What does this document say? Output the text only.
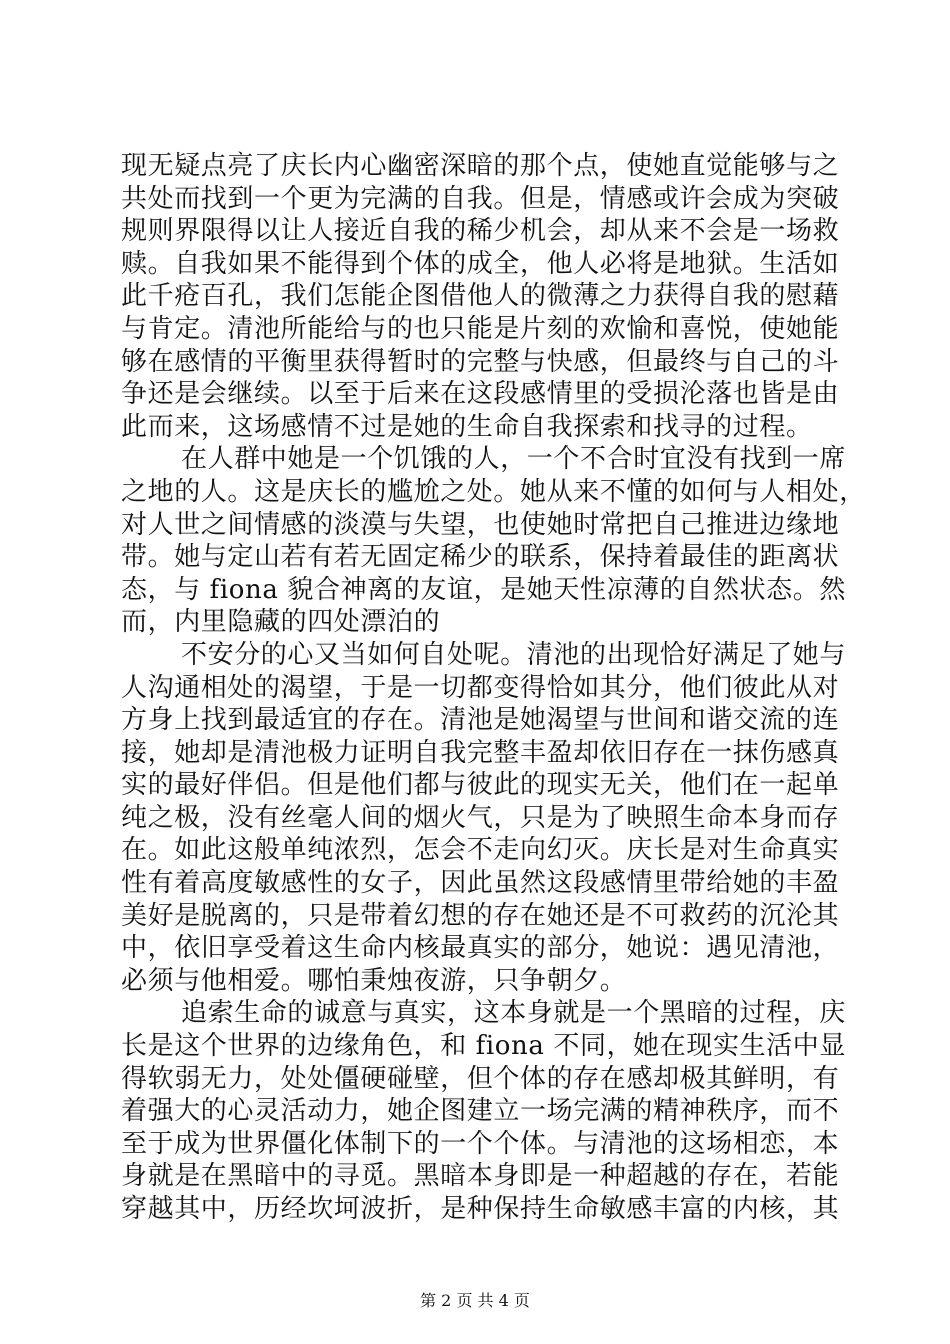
现无疑点亮了庆长内心幽密深暗的那个点，使她直觉能够与之
共处而找到一个更为完满的自我。但是，情感或许会成为突破
规则界限得以让人接近自我的稀少机会，却从来不会是一场救
赎。自我如果不能得到个体的成全，他人必将是地狱。生活如
此千疮百孔，我们怎能企图借他人的微薄之力获得自我的慰藉
与肯定。清池所能给与的也只能是片刻的欢愉和喜悦，使她能
够在感情的平衡里获得暂时的完整与快感，但最终与自己的斗
争还是会继续。以至于后来在这段感情里的受损沦落也皆是由
此而来，这场感情不过是她的生命自我探索和找寻的过程。
在人群中她是一个饥饿的人，一个不合时宜没有找到一席
之地的人。这是庆长的尴尬之处。她从来不懂的如何与人相处，
对人世之间情感的淡漠与失望，也使她时常把自己推进边缘地
带。她与定山若有若无固定稀少的联系，保持着最佳的距离状
态，与 fiona 貌合神离的友谊，是她天性凉薄的自然状态。然
而，内里隐藏的四处漂泊的
不安分的心又当如何自处呢。清池的出现恰好满足了她与
人沟通相处的渴望，于是一切都变得恰如其分，他们彼此从对
方身上找到最适宜的存在。清池是她渴望与世间和谐交流的连
接，她却是清池极力证明自我完整丰盈却依旧存在一抹伤感真
实的最好伴侣。但是他们都与彼此的现实无关，他们在一起单
纯之极，没有丝毫人间的烟火气，只是为了映照生命本身而存
在。如此这般单纯浓烈，怎会不走向幻灭。庆长是对生命真实
性有着高度敏感性的女子，因此虽然这段感情里带给她的丰盈
美好是脱离的，只是带着幻想的存在她还是不可救药的沉沦其
中，依旧享受着这生命内核最真实的部分，她说：遇见清池，
必须与他相爱。哪怕秉烛夜游，只争朝夕。
追索生命的诚意与真实，这本身就是一个黑暗的过程，庆
长是这个世界的边缘角色，和 fiona 不同，她在现实生活中显
得软弱无力，处处僵硬碰壁，但个体的存在感却极其鲜明，有
着强大的心灵活动力，她企图建立一场完满的精神秩序，而不
至于成为世界僵化体制下的一个个体。与清池的这场相恋，本
身就是在黑暗中的寻觅。黑暗本身即是一种超越的存在，若能
穿越其中，历经坎坷波折，是种保持生命敏感丰富的内核，其
第 2 页 共 4 页
